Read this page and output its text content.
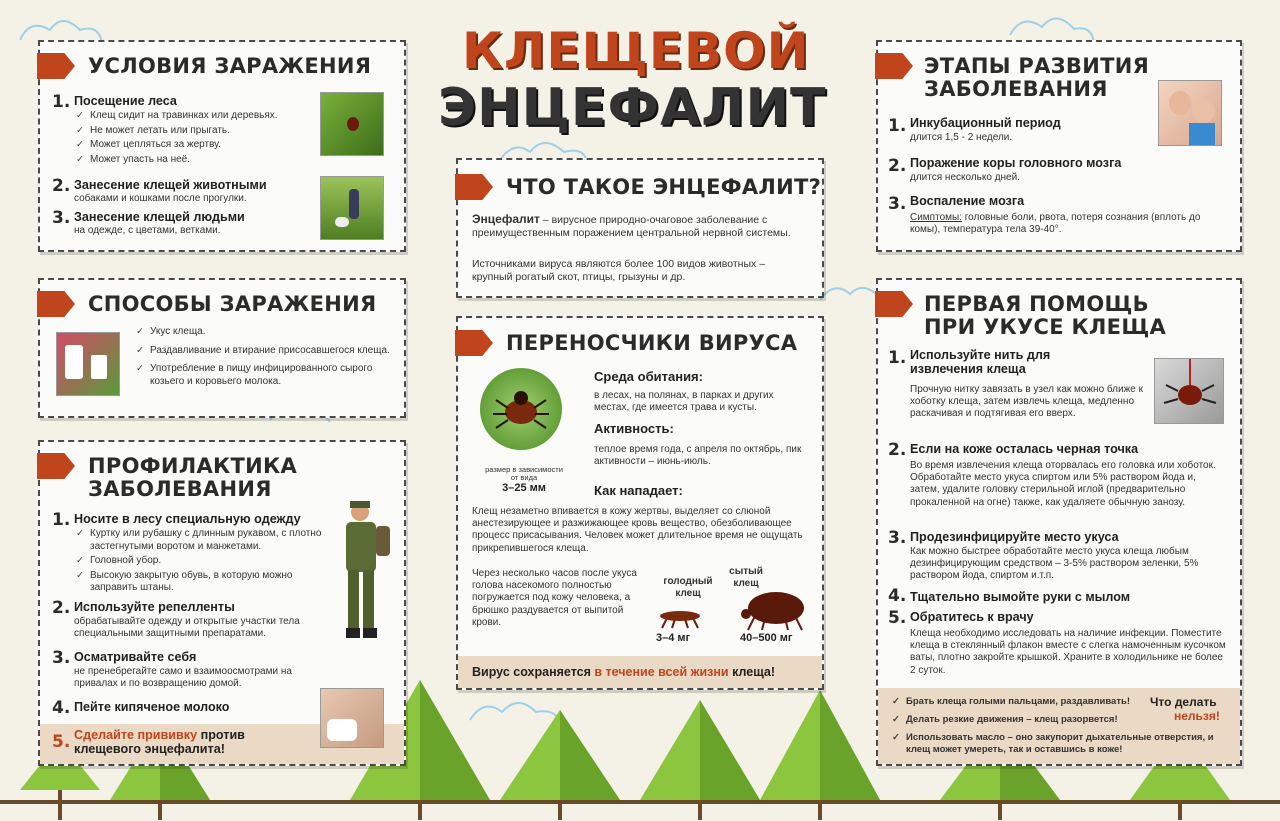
КЛЕЩЕВОЙ
ЭНЦЕФАЛИТ
УСЛОВИЯ ЗАРАЖЕНИЯ
1. Посещение леса
✓ Клещ сидит на травинках или деревьях.
✓ Не может летать или прыгать.
✓ Может цепляться за жертву.
✓ Может упасть на неё.
2. Занесение клещей животными
собаками и кошками после прогулки.
3. Занесение клещей людьми
на одежде, с цветами, ветками.
СПОСОБЫ ЗАРАЖЕНИЯ
✓ Укус клеща.
✓ Раздавливание и втирание присосавшегося клеща.
✓ Употребление в пищу инфицированного сырого козьего и коровьего молока.
ПРОФИЛАКТИКА
ЗАБОЛЕВАНИЯ
1. Носите в лесу специальную одежду
✓ Куртку или рубашку с длинным рукавом, с плотно застегнутыми воротом и манжетами.
✓ Головной убор.
✓ Высокую закрытую обувь, в которую можно заправить штаны.
2. Используйте репелленты
обрабатывайте одежду и открытые участки тела специальными защитными препаратами.
3. Осматривайте себя
не пренебрегайте само и взаимоосмотрами на привалах и по возвращению домой.
4. Пейте кипяченое молоко
5. Сделайте прививку против
клещевого энцефалита!
ЧТО ТАКОЕ ЭНЦЕФАЛИТ?
Энцефалит – вирусное природно-очаговое заболевание с преимущественным поражением центральной нервной системы.
Источниками вируса являются более 100 видов животных – крупный рогатый скот, птицы, грызуны и др.
ПЕРЕНОСЧИКИ ВИРУСА
размер в зависимости от вида
3–25 мм
Среда обитания:
в лесах, на полянах, в парках и других местах, где имеется трава и кусты.
Активность:
теплое время года, с апреля по октябрь, пик активности – июнь-июль.
Как нападает:
Клещ незаметно впивается в кожу жертвы, выделяет со слюной анестезирующее и разжижающее кровь вещество, обезболивающее процесс присасывания. Человек может длительное время не ощущать прикрепившегося клеща.
Через несколько часов после укуса голова насекомого полностью погружается под кожу человека, а брюшко раздувается от выпитой крови.
голодный клещ
сытый клещ
3–4 мг	40–500 мг
Вирус сохраняется в течение всей жизни клеща!
ЭТАПЫ РАЗВИТИЯ
ЗАБОЛЕВАНИЯ
1. Инкубационный период
длится 1,5 - 2 недели.
2. Поражение коры головного мозга
длится несколько дней.
3. Воспаление мозга
Симптомы: головные боли, рвота, потеря сознания (вплоть до комы), температура тела 39-40°.
ПЕРВАЯ ПОМОЩЬ
ПРИ УКУСЕ КЛЕЩА
1. Используйте нить для извлечения клеща
Прочную нитку завязать в узел как можно ближе к хоботку клеща, затем извлечь клеща, медленно раскачивая и подтягивая его вверх.
2. Если на коже осталась черная точка
Во время извлечения клеща оторвалась его головка или хоботок. Обработайте место укуса спиртом или 5% раствором йода и, затем, удалите головку стерильной иглой (предварительно прокаленной на огне) также, как удаляете обычную занозу.
3. Продезинфицируйте место укуса
Как можно быстрее обработайте место укуса клеща любым дезинфицирующим средством – 3-5% раствором зеленки, 5% раствором йода, спиртом и.т.п.
4. Тщательно вымойте руки с мылом
5. Обратитесь к врачу
Клеща необходимо исследовать на наличие инфекции. Поместите клеща в стеклянный флакон вместе с слегка намоченным кусочком ваты, плотно закройте крышкой. Храните в холодильнике не более 2 суток.
✓ Брать клеща голыми пальцами, раздавливать!
✓ Делать резкие движения – клещ разорвется!
✓ Использовать масло – оно закупорит дыхательные отверстия, и клещ может умереть, так и оставшись в коже!
Что делать
нельзя!
